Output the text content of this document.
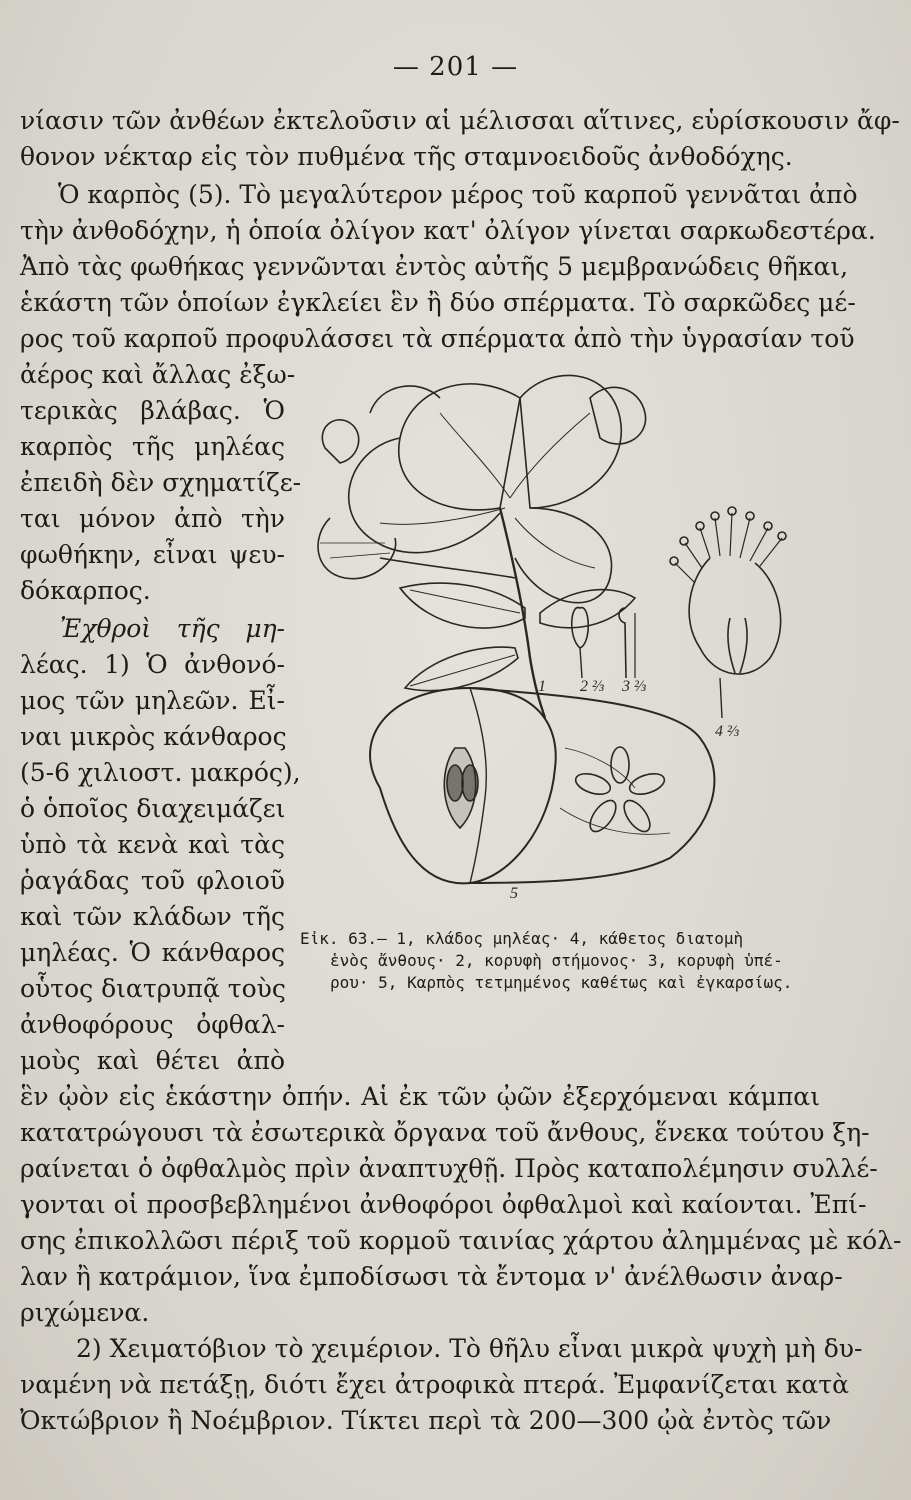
— 201 —
νίασιν τῶν ἀνθέων ἐκτελοῦσιν αἱ μέλισσαι αἵτινες, εὑρίσκουσιν ἄφ-
θονον νέκταρ εἰς τὸν πυθμένα τῆς σταμνοειδοῦς ἀνθοδόχης.
Ὁ καρπὸς (5). Τὸ μεγαλύτερον μέρος τοῦ καρποῦ γεννᾶται ἀπὸ
τὴν ἀνθοδόχην, ἡ ὁποία ὀλίγον κατ' ὀλίγον γίνεται σαρκωδεστέρα.
Ἀπὸ τὰς φωθήκας γεννῶνται ἐντὸς αὐτῆς 5 μεμβρανώδεις θῆκαι,
ἑκάστη τῶν ὁποίων ἐγκλείει ἓν ἢ δύο σπέρματα. Τὸ σαρκῶδες μέ-
ρος τοῦ καρποῦ προφυλάσσει τὰ σπέρματα ἀπὸ τὴν ὑγρασίαν τοῦ
ἀέρος καὶ ἄλλας ἐξω-
τερικὰς βλάβας. Ὁ
καρπὸς τῆς μηλέας
ἐπειδὴ δὲν σχηματίζε-
ται μόνον ἀπὸ τὴν
φωθήκην, εἶναι ψευ-
δόκαρπος.
Ἐχθροὶ τῆς μη-
λέας. 1) Ὁ ἀνθονό-
μος τῶν μηλεῶν. Εἶ-
ναι μικρὸς κάνθαρος
(5-6 χιλιοστ. μακρός),
ὁ ὁποῖος διαχειμάζει
ὑπὸ τὰ κενὰ καὶ τὰς
ῥαγάδας τοῦ φλοιοῦ
καὶ τῶν κλάδων τῆς
μηλέας. Ὁ κάνθαρος
οὗτος διατρυπᾷ τοὺς
ἀνθοφόρους ὀφθαλ-
μοὺς καὶ θέτει ἀπὸ
1 2 ⅔ 3 ⅔
4 ⅔
5
Εἰκ. 63.— 1, κλάδος μηλέας· 4, κάθετος διατομὴ
ἑνὸς ἄνθους· 2, κορυφὴ στήμονος· 3, κορυφὴ ὑπέ-
ρου· 5, Καρπὸς τετμημένος καθέτως καὶ ἐγκαρσίως.
ἓν ᾠὸν εἰς ἑκάστην ὀπήν. Αἱ ἐκ τῶν ᾠῶν ἐξερχόμεναι κάμπαι
κατατρώγουσι τὰ ἐσωτερικὰ ὄργανα τοῦ ἄνθους, ἕνεκα τούτου ξη-
ραίνεται ὁ ὀφθαλμὸς πρὶν ἀναπτυχθῇ. Πρὸς καταπολέμησιν συλλέ-
γονται οἱ προσβεβλημένοι ἀνθοφόροι ὀφθαλμοὶ καὶ καίονται. Ἐπί-
σης ἐπικολλῶσι πέριξ τοῦ κορμοῦ ταινίας χάρτου ἀλημμένας μὲ κόλ-
λαν ἢ κατράμιον, ἵνα ἐμποδίσωσι τὰ ἔντομα ν' ἀνέλθωσιν ἀναρ-
ριχώμενα.
2) Χειματόβιον τὸ χειμέριον. Τὸ θῆλυ εἶναι μικρὰ ψυχὴ μὴ δυ-
ναμένη νὰ πετάξῃ, διότι ἔχει ἀτροφικὰ πτερά. Ἐμφανίζεται κατὰ
Ὀκτώβριον ἢ Νοέμβριον. Τίκτει περὶ τὰ 200—300 ᾠὰ ἐντὸς τῶν
